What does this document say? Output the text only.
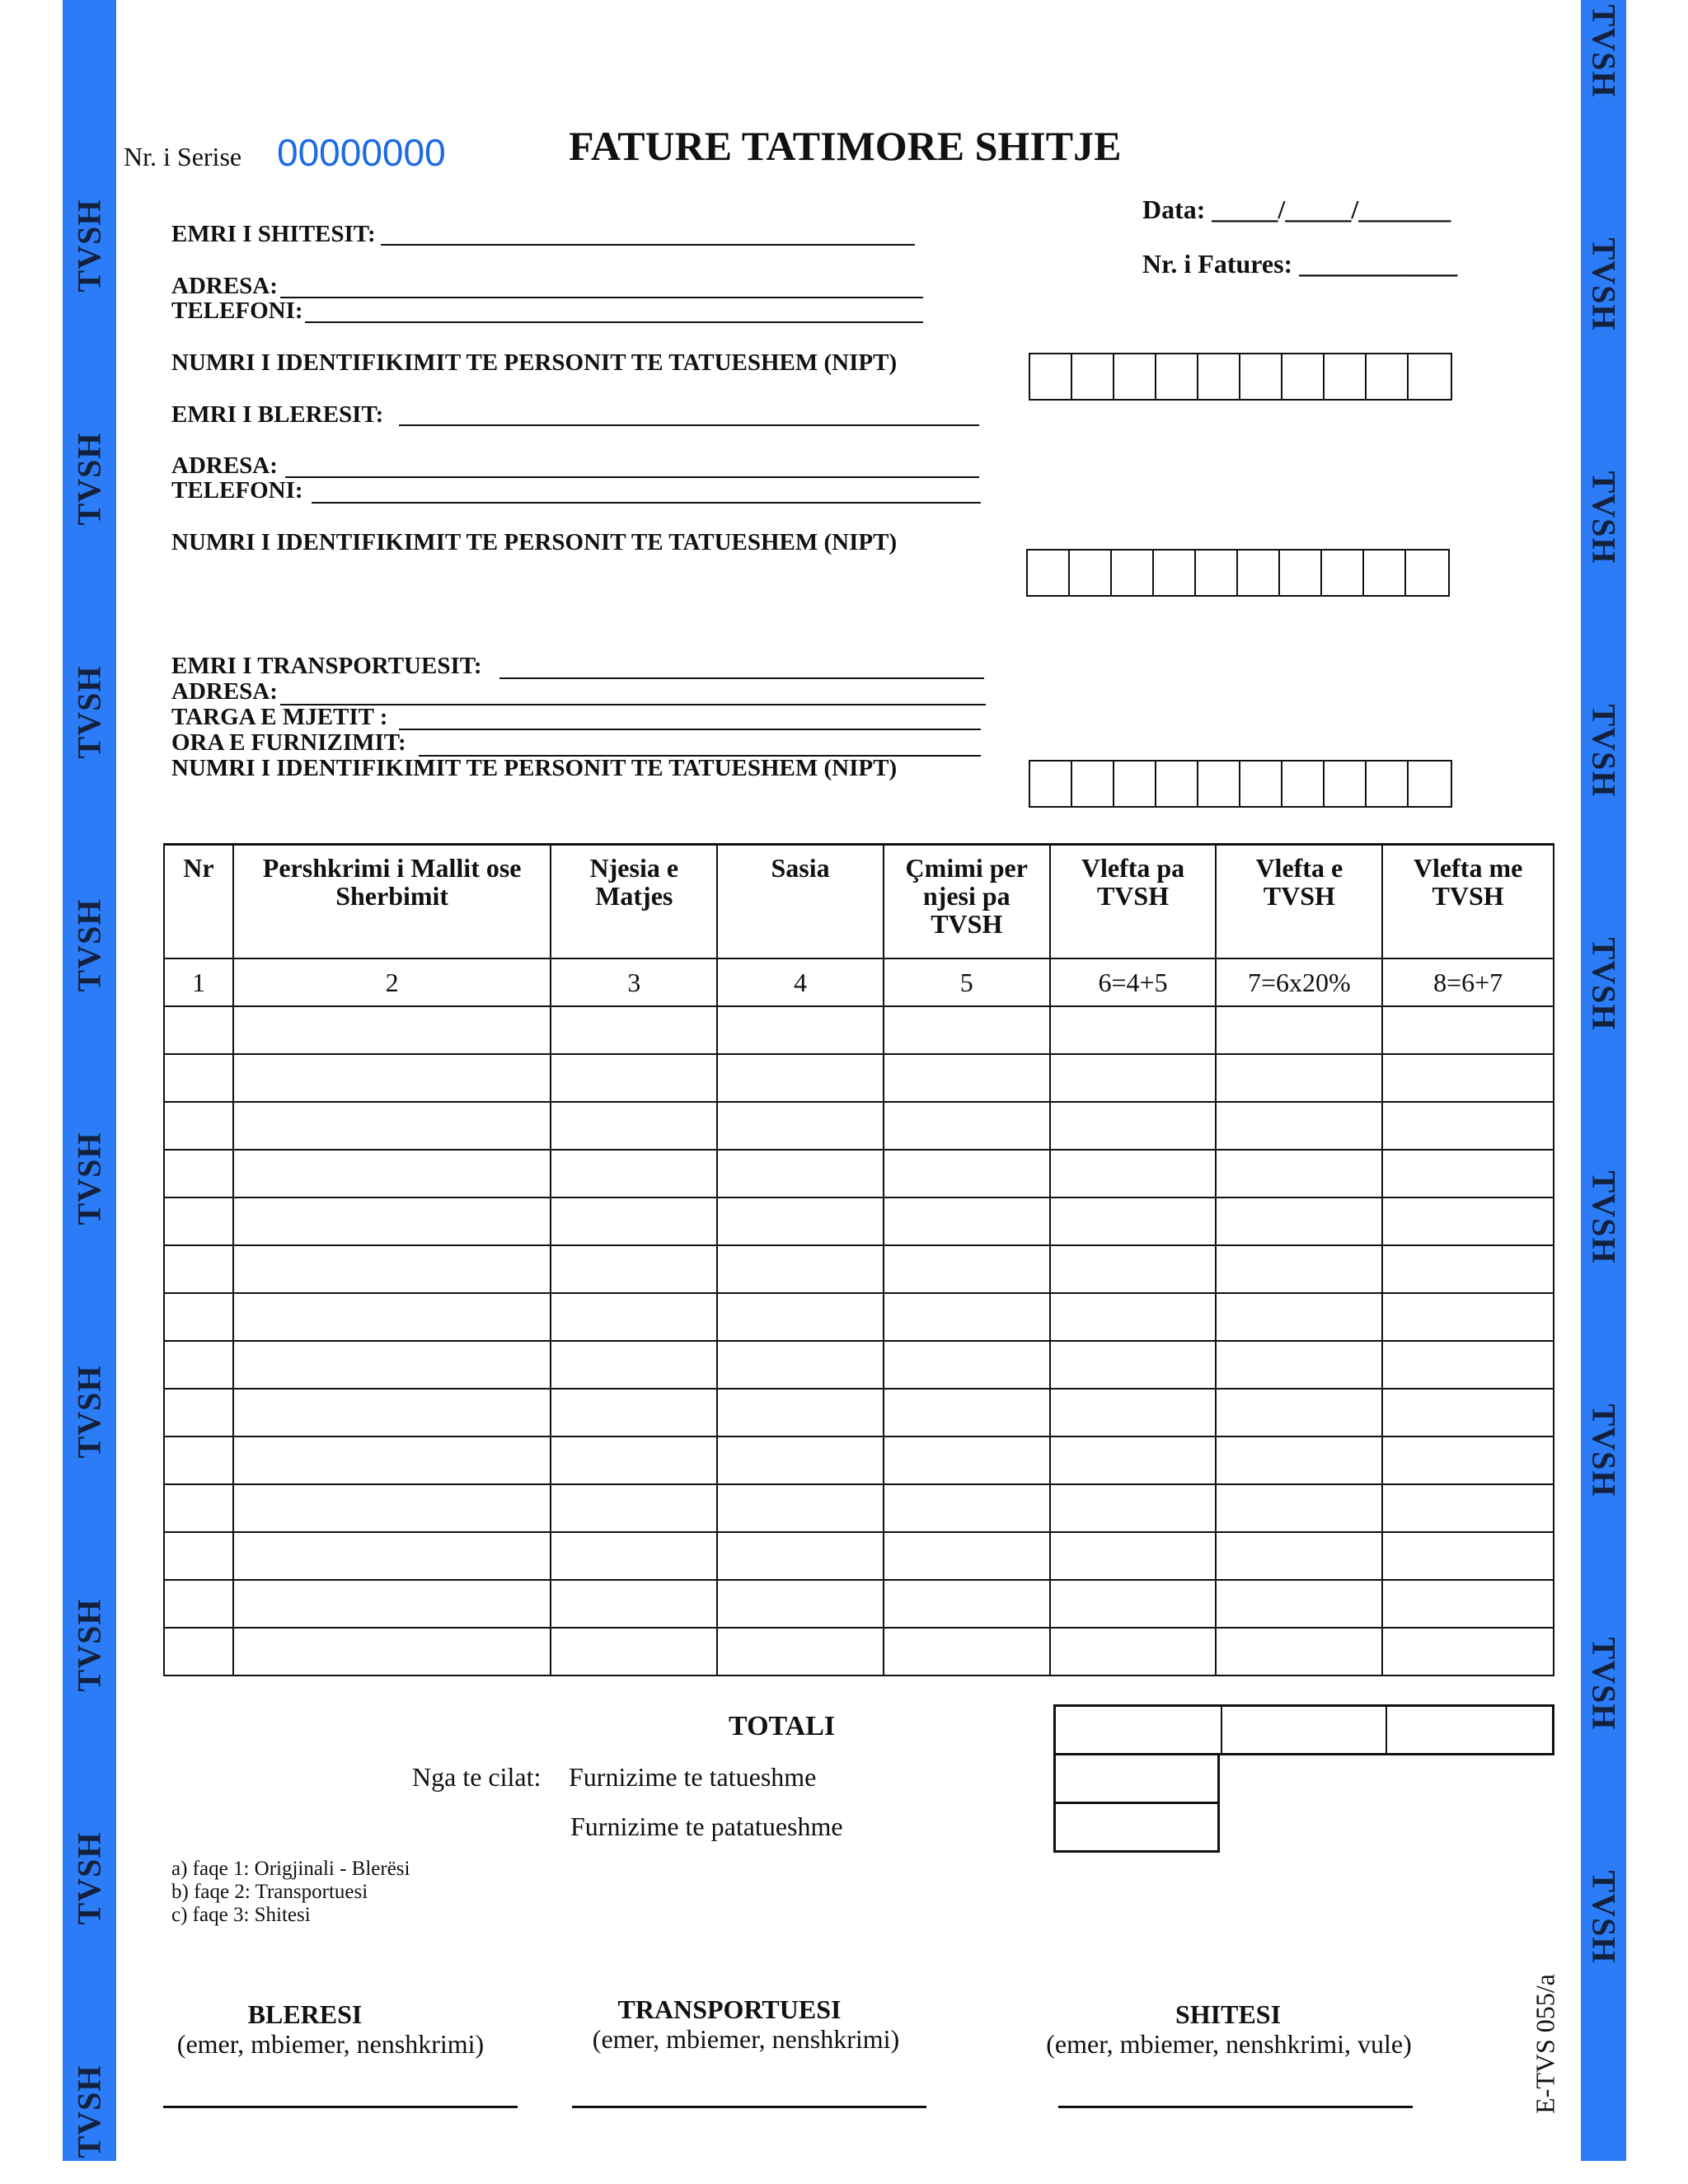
TVSH
TVSH
TVSH
TVSH
TVSH
TVSH
TVSH
TVSH
TVSH
TVSH
TVSH
TVSH
TVSH
TVSH
TVSH
TVSH
TVSH
TVSH
Nr. i Serise 00000000	FATURE TATIMORE SHITJE
Data: _____/_____/_______
Nr. i Fatures: ____________
EMRI I SHITESIT:
ADRESA:
TELEFONI:
NUMRI I IDENTIFIKIMIT TE PERSONIT TE TATUESHEM (NIPT)
EMRI I BLERESIT:
ADRESA:
TELEFONI:
NUMRI I IDENTIFIKIMIT TE PERSONIT TE TATUESHEM (NIPT)
EMRI I TRANSPORTUESIT:
ADRESA:
TARGA E MJETIT :
ORA E FURNIZIMIT:
NUMRI I IDENTIFIKIMIT TE PERSONIT TE TATUESHEM (NIPT)
Nr	Pershkrimi i Mallit ose Sherbimit	Njesia e Matjes	Sasia	Çmimi per njesi pa TVSH	Vlefta pa TVSH	Vlefta e TVSH	Vlefta me TVSH
1	2	3	4	5	6=4+5	7=6x20%	8=6+7

TOTALI
Nga te cilat: Furnizime te tatueshme
Furnizime te patatueshme
a) faqe 1: Origjinali - Blerësi
b) faqe 2: Transportuesi
c) faqe 3: Shitesi
BLERESI
(emer, mbiemer, nenshkrimi)
TRANSPORTUESI
(emer, mbiemer, nenshkrimi)
SHITESI
(emer, mbiemer, nenshkrimi, vule)	E-TVS 055/a
